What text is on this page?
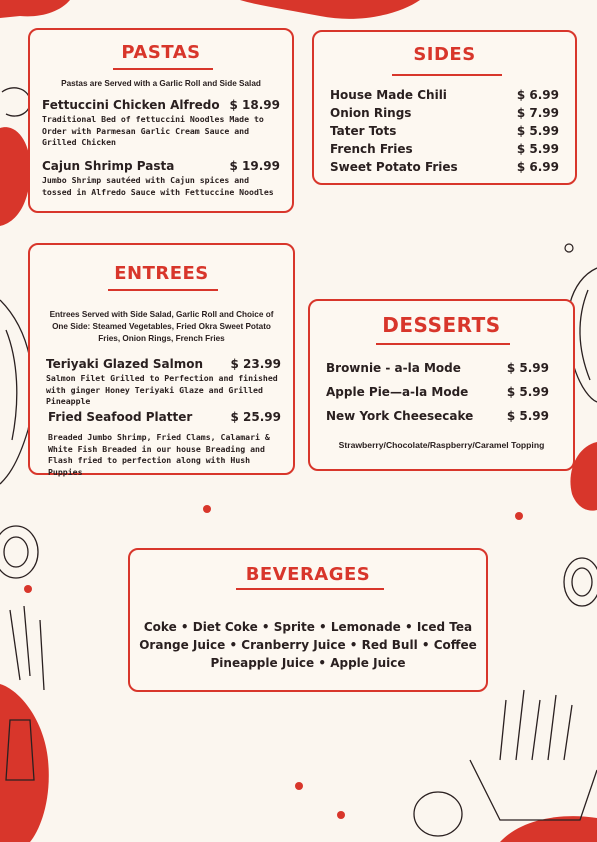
PASTAS
Pastas are Served with a Garlic Roll and Side Salad
Fettuccini Chicken Alfredo $ 18.99
Traditional Bed of fettuccini Noodles Made to Order with Parmesan Garlic Cream Sauce and Grilled Chicken
Cajun Shrimp Pasta	$ 19.99
Jumbo Shrimp sautéed with Cajun spices and tossed in Alfredo Sauce with Fettuccine Noodles
SIDES
House Made Chili	$ 6.99
Onion Rings	$ 7.99
Tater Tots	$ 5.99
French Fries	$ 5.99
Sweet Potato Fries	$ 6.99
ENTREES
Entrees Served with Side Salad, Garlic Roll and Choice of One Side: Steamed Vegetables, Fried Okra Sweet Potato Fries, Onion Rings, French Fries
Teriyaki Glazed Salmon $ 23.99
Salmon Filet Grilled to Perfection and finished with ginger Honey Teriyaki Glaze and Grilled Pineapple
Fried Seafood Platter	$ 25.99
Breaded Jumbo Shrimp, Fried Clams, Calamari & White Fish Breaded in our house Breading and Flash fried to perfection along with Hush Puppies
DESSERTS
Brownie - a-la Mode	$ 5.99
Apple Pie—a-la Mode	$ 5.99
New York Cheesecake	$ 5.99
Strawberry/Chocolate/Raspberry/Caramel Topping
BEVERAGES
Coke • Diet Coke • Sprite • Lemonade • Iced Tea
Orange Juice • Cranberry Juice • Red Bull • Coffee
Pineapple Juice • Apple Juice
